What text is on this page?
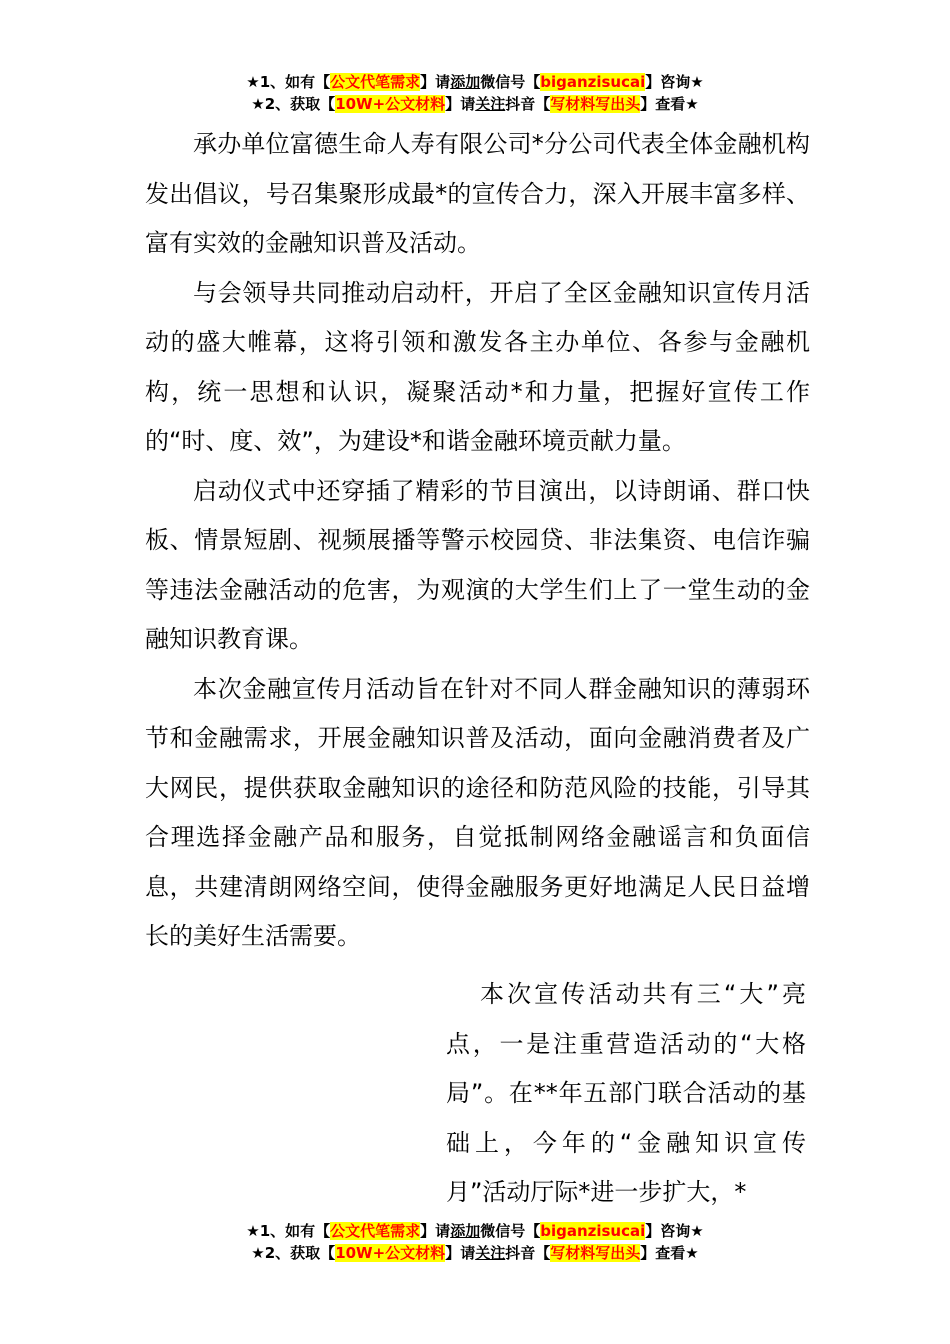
★1、如有【公文代笔需求】请添加微信号【biganzisucai】咨询★
★2、获取【10W+公文材料】请关注抖音【写材料写出头】查看★

承办单位富德生命人寿有限公司*分公司代表全体金融机构发出倡议，号召集聚形成最*的宣传合力，深入开展丰富多样、富有实效的金融知识普及活动。

与会领导共同推动启动杆，开启了全区金融知识宣传月活动的盛大帷幕，这将引领和激发各主办单位、各参与金融机构，统一思想和认识，凝聚活动*和力量，把握好宣传工作的“时、度、效”，为建设*和谐金融环境贡献力量。

启动仪式中还穿插了精彩的节目演出，以诗朗诵、群口快板、情景短剧、视频展播等警示校园贷、非法集资、电信诈骗等违法金融活动的危害，为观演的大学生们上了一堂生动的金融知识教育课。

本次金融宣传月活动旨在针对不同人群金融知识的薄弱环节和金融需求，开展金融知识普及活动，面向金融消费者及广大网民，提供获取金融知识的途径和防范风险的技能，引导其合理选择金融产品和服务，自觉抵制网络金融谣言和负面信息，共建清朗网络空间，使得金融服务更好地满足人民日益增长的美好生活需要。

本次宣传活动共有三“大”亮点，一是注重营造活动的“大格局”。在**年五部门联合活动的基础上，今年的“金融知识宣传月”活动厅际*进一步扩大，*

★1、如有【公文代笔需求】请添加微信号【biganzisucai】咨询★
★2、获取【10W+公文材料】请关注抖音【写材料写出头】查看★
